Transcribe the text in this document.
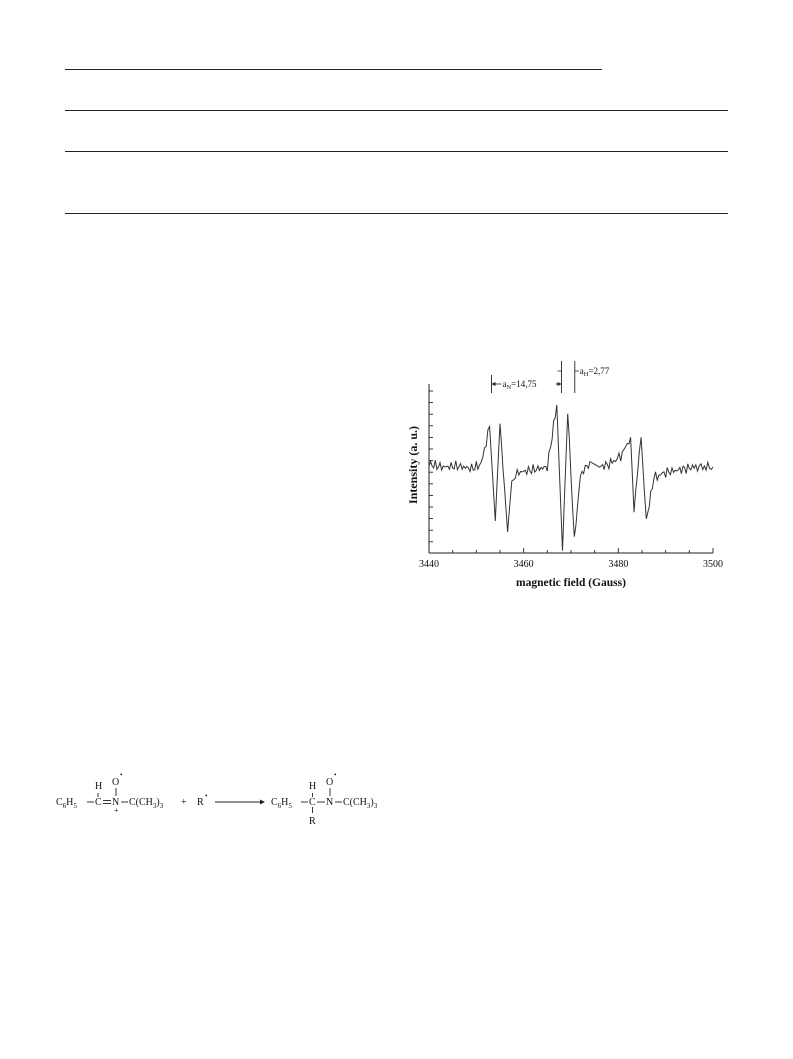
3440	3460	3480	3500
$a_N=14,75$
$a_H=2,77$
Intensity (a. u.)
magnetic field (Gauss)
$C_6H_5$ C
H
N
+
O
•
$C(CH_3)_3 + R$
•
$C_6H_5$ C
H
R
N
O
•
$C(CH_3)_3$
